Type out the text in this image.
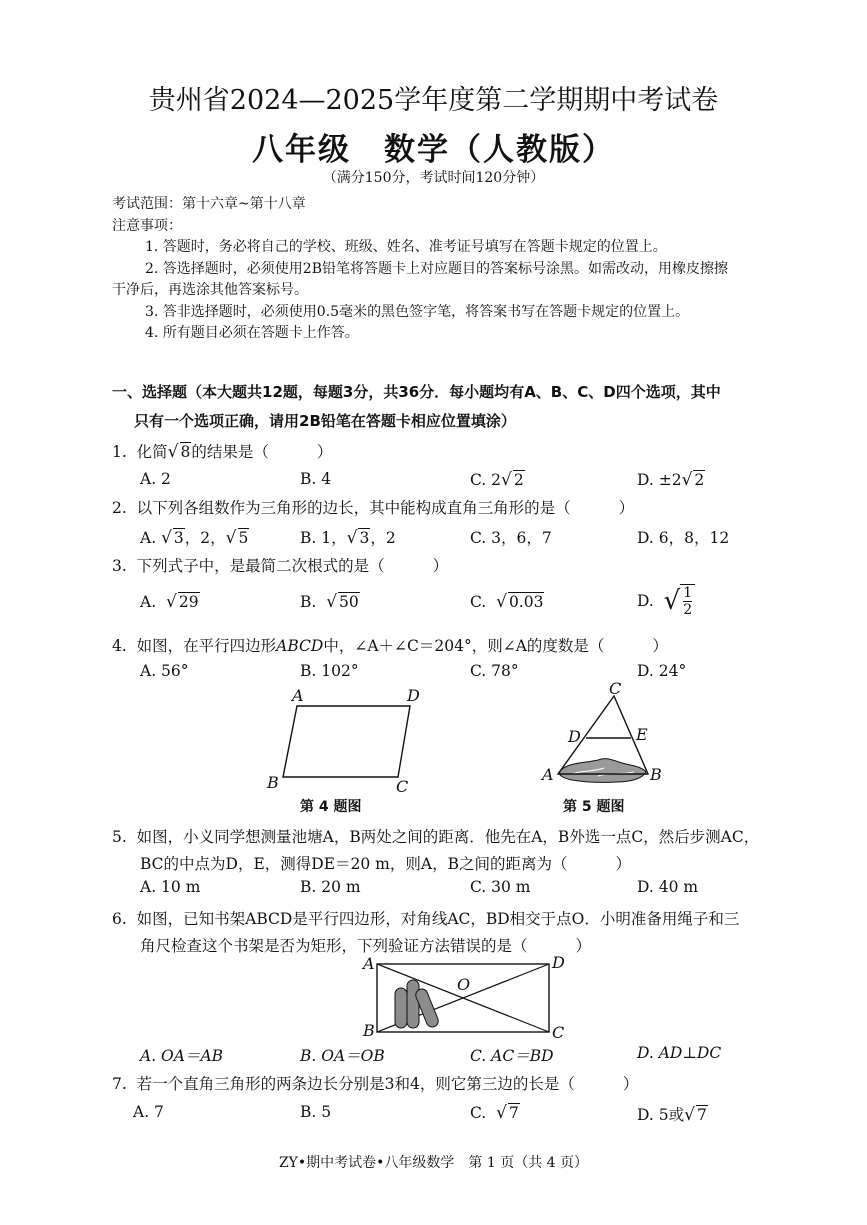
贵州省2024—2025学年度第二学期期中考试卷
八年级　数学（人教版）
（满分150分，考试时间120分钟）
考试范围：第十六章~第十八章
注意事项：
1. 答题时，务必将自己的学校、班级、姓名、准考证号填写在答题卡规定的位置上。
2. 答选择题时，必须使用2B铅笔将答题卡上对应题目的答案标号涂黑。如需改动，用橡皮擦擦
干净后，再选涂其他答案标号。
3. 答非选择题时，必须使用0.5毫米的黑色签字笔，将答案书写在答题卡规定的位置上。
4. 所有题目必须在答题卡上作答。
一、选择题（本大题共12题，每题3分，共36分．每小题均有A、B、C、D四个选项，其中
只有一个选项正确，请用2B铅笔在答题卡相应位置填涂）
1. 化简√ 8的结果是（	）
A. 2	B. 4	C. 2√ 2	D. ±2√ 2
2. 以下列各组数作为三角形的边长，其中能构成直角三角形的是（	）
A. √ 3，2，√ 5	B. 1，√ 3，2	C. 3，6，7	D. 6，8，12
3. 下列式子中，是最简二次根式的是（	）
A. √ 29	B. √ 50	C. √ 0.03	D. √ $\frac{1}{2}$
4. 如图，在平行四边形ABCD中，∠A＋∠C＝204°，则∠A的度数是（	）
A. 56°	B. 102°	C. 78°	D. 24°
A	D
B	C
第 4 题图
C
D	E
A	B
第 5 题图
5. 如图，小义同学想测量池塘A，B两处之间的距离．他先在A，B外选一点C，然后步测AC，
BC的中点为D，E，测得DE＝20 m，则A，B之间的距离为（	）
A. 10 m	B. 20 m	C. 30 m	D. 40 m
6. 如图，已知书架ABCD是平行四边形，对角线AC，BD相交于点O．小明准备用绳子和三
角尺检查这个书架是否为矩形，下列验证方法错误的是（	）
A	D
B	C
O
A. OA＝AB	B. OA＝OB	C. AC＝BD	D. AD⊥DC
7. 若一个直角三角形的两条边长分别是3和4，则它第三边的长是（	）
A. 7	B. 5	C. √ 7	D. 5或√ 7
ZY•期中考试卷•八年级数学　第 1 页（共 4 页）
